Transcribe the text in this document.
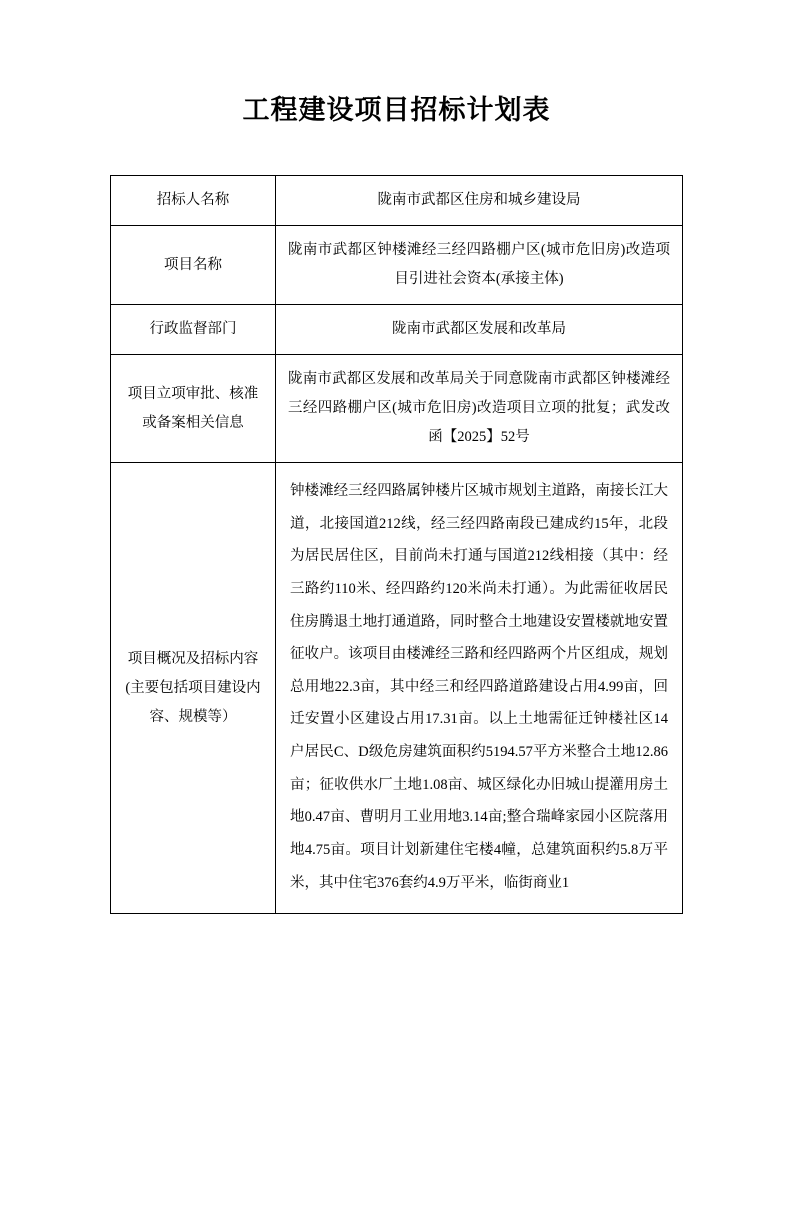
工程建设项目招标计划表
招标人名称	陇南市武都区住房和城乡建设局
项目名称	陇南市武都区钟楼滩经三经四路棚户区(城市危旧房)改造项目引进社会资本(承接主体)
行政监督部门	陇南市武都区发展和改革局
项目立项审批、核准或备案相关信息	陇南市武都区发展和改革局关于同意陇南市武都区钟楼滩经三经四路棚户区(城市危旧房)改造项目立项的批复；武发改函【2025】52号
项目概况及招标内容(主要包括项目建设内容、规模等）	钟楼滩经三经四路属钟楼片区城市规划主道路，南接长江大道，北接国道212线，经三经四路南段已建成约15年，北段为居民居住区，目前尚未打通与国道212线相接（其中：经三路约110米、经四路约120米尚未打通）。为此需征收居民住房腾退土地打通道路，同时整合土地建设安置楼就地安置征收户。该项目由楼滩经三路和经四路两个片区组成，规划总用地22.3亩，其中经三和经四路道路建设占用4.99亩，回迁安置小区建设占用17.31亩。以上土地需征迁钟楼社区14户居民C、D级危房建筑面积约5194.57平方米整合土地12.86亩；征收供水厂土地1.08亩、城区绿化办旧城山提灌用房土地0.47亩、曹明月工业用地3.14亩;整合瑞峰家园小区院落用地4.75亩。项目计划新建住宅楼4幢，总建筑面积约5.8万平米，其中住宅376套约4.9万平米，临街商业1
